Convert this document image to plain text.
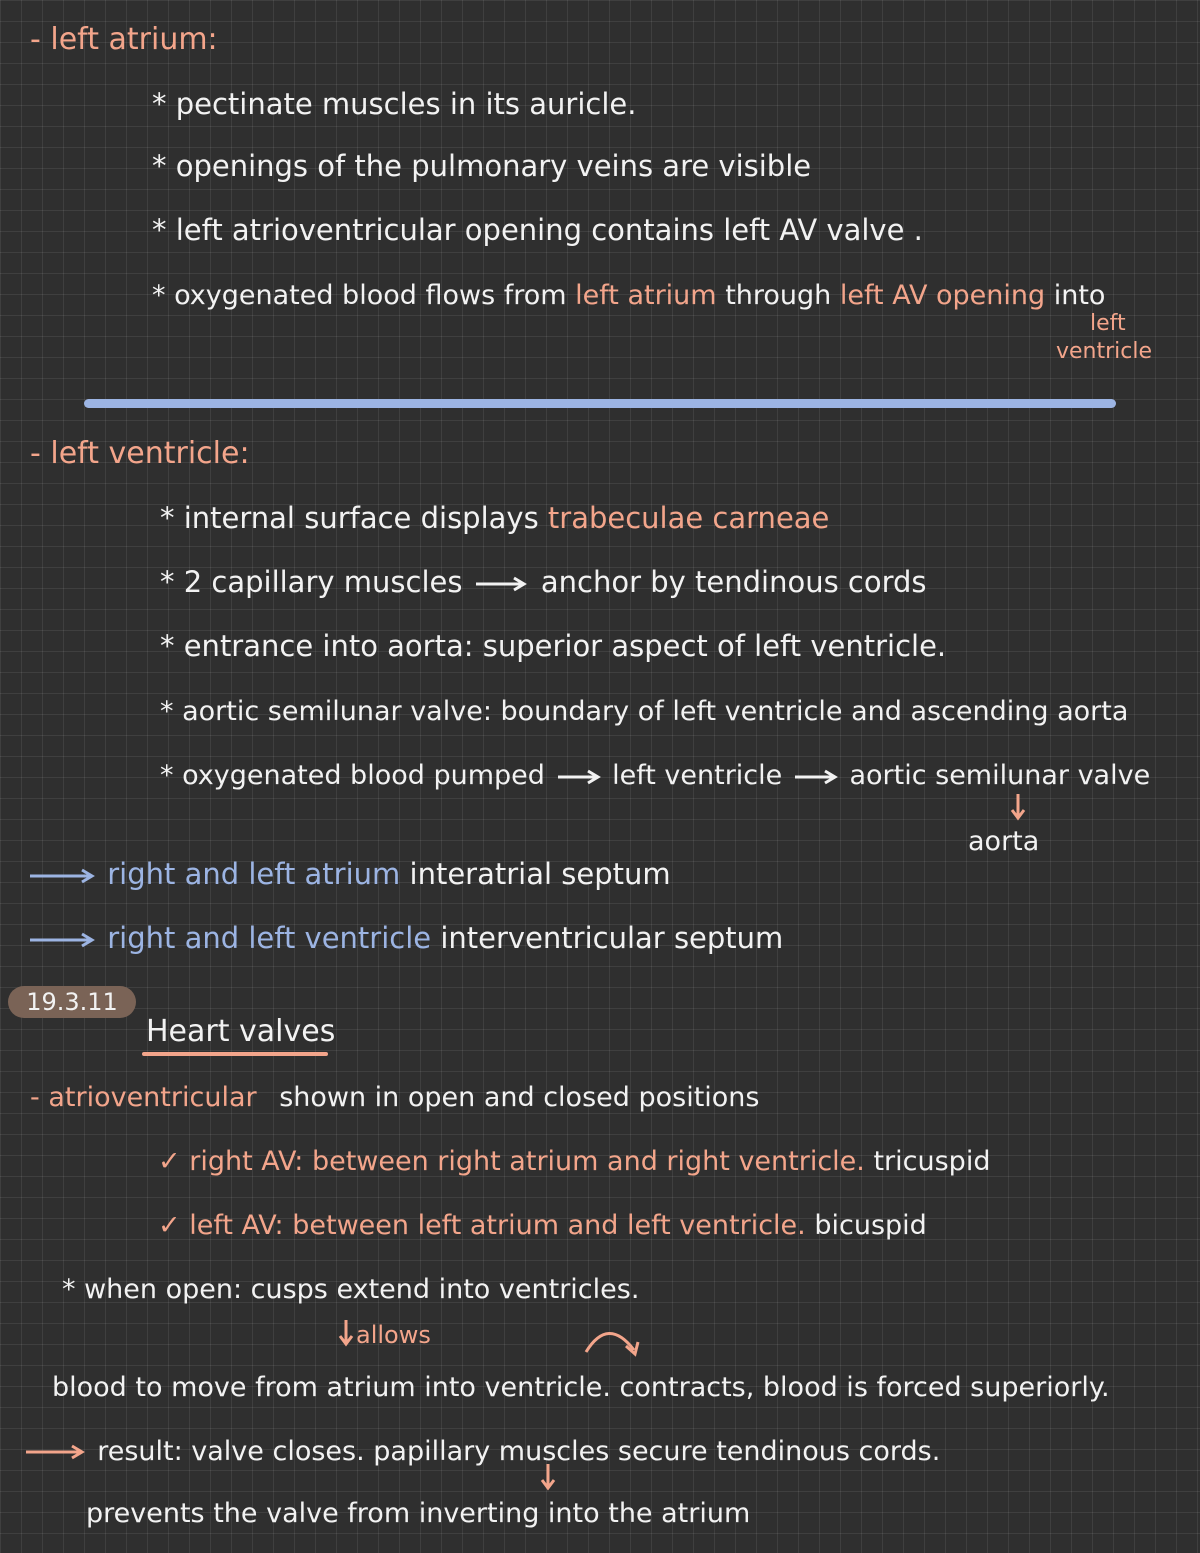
- left atrium:
* pectinate muscles in its auricle.
* openings of the pulmonary veins are visible
* left atrioventricular opening contains left AV valve .
* oxygenated blood flows from left atrium through left AV opening into
left
ventricle
- left ventricle:
* internal surface displays trabeculae carneae
* 2 capillary muscles	anchor by tendinous cords
* entrance into aorta: superior aspect of left ventricle.
* aortic semilunar valve: boundary of left ventricle and ascending aorta
* oxygenated blood pumped left ventricle aortic semilunar valve
aorta
right and left atrium interatrial septum
right and left ventricle interventricular septum
19.3.11
Heart valves
- atrioventricular shown in open and closed positions
✓ right AV: between right atrium and right ventricle. tricuspid
✓ left AV: between left atrium and left ventricle. bicuspid
* when open: cusps extend into ventricles.
allows
blood to move from atrium into ventricle. contracts, blood is forced superiorly.
result: valve closes. papillary muscles secure tendinous cords.
prevents the valve from inverting into the atrium
